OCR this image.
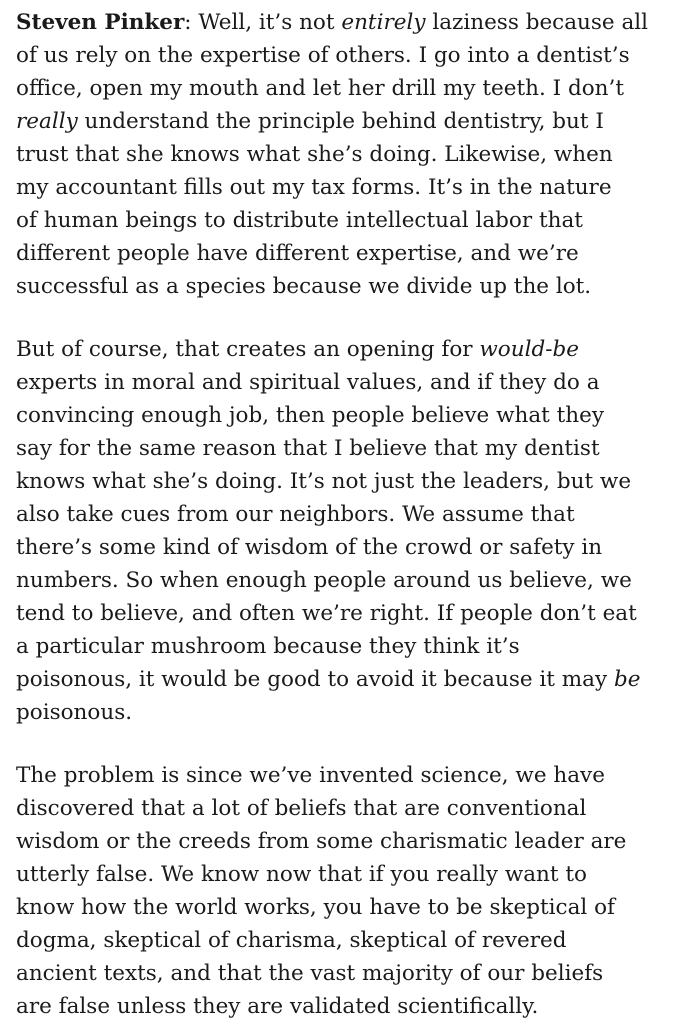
Steven Pinker: Well, it’s not entirely laziness because all
of us rely on the expertise of others. I go into a dentist’s
office, open my mouth and let her drill my teeth. I don’t
really understand the principle behind dentistry, but I
trust that she knows what she’s doing. Likewise, when
my accountant fills out my tax forms. It’s in the nature
of human beings to distribute intellectual labor that
different people have different expertise, and we’re
successful as a species because we divide up the lot.

But of course, that creates an opening for would-be
experts in moral and spiritual values, and if they do a
convincing enough job, then people believe what they
say for the same reason that I believe that my dentist
knows what she’s doing. It’s not just the leaders, but we
also take cues from our neighbors. We assume that
there’s some kind of wisdom of the crowd or safety in
numbers. So when enough people around us believe, we
tend to believe, and often we’re right. If people don’t eat
a particular mushroom because they think it’s
poisonous, it would be good to avoid it because it may be
poisonous.

The problem is since we’ve invented science, we have
discovered that a lot of beliefs that are conventional
wisdom or the creeds from some charismatic leader are
utterly false. We know now that if you really want to
know how the world works, you have to be skeptical of
dogma, skeptical of charisma, skeptical of revered
ancient texts, and that the vast majority of our beliefs
are false unless they are validated scientifically.
